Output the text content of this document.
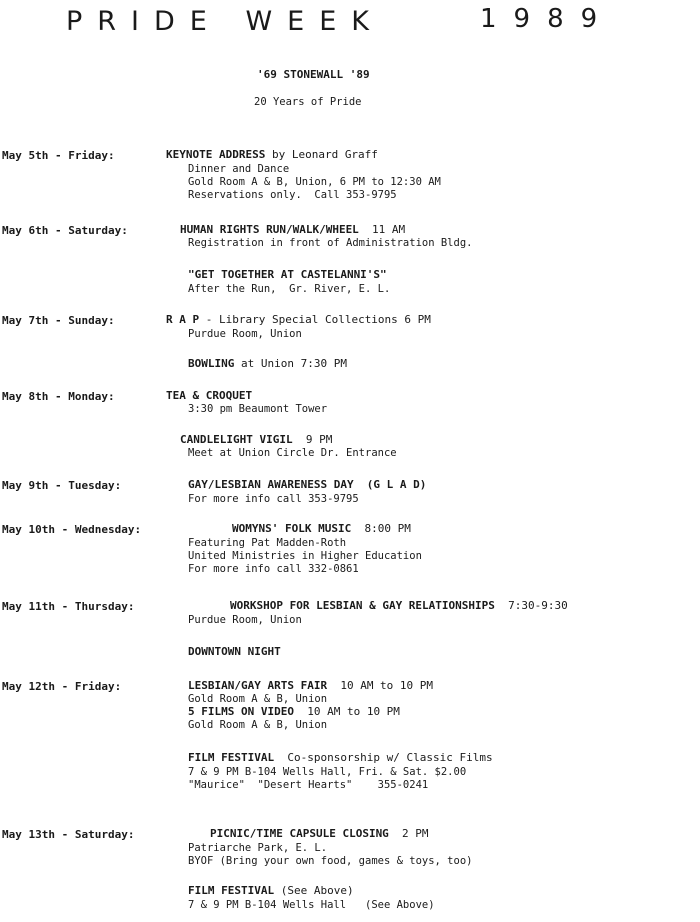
PRIDE WEEK	1989
'69 STONEWALL '89
20 Years of Pride
May 5th - Friday:	KEYNOTE ADDRESS by Leonard Graff
Dinner and Dance
Gold Room A & B, Union, 6 PM to 12:30 AM
Reservations only.  Call 353-9795
May 6th - Saturday:	HUMAN RIGHTS RUN/WALK/WHEEL  11 AM
Registration in front of Administration Bldg.
"GET TOGETHER AT CASTELANNI'S"
After the Run,  Gr. River, E. L.
May 7th - Sunday:	R A P - Library Special Collections 6 PM
Purdue Room, Union
BOWLING at Union 7:30 PM
May 8th - Monday:	TEA & CROQUET
3:30 pm Beaumont Tower
CANDLELIGHT VIGIL  9 PM
Meet at Union Circle Dr. Entrance
May 9th - Tuesday:	GAY/LESBIAN AWARENESS DAY  (G L A D)
For more info call 353-9795
May 10th - Wednesday:	WOMYNS' FOLK MUSIC  8:00 PM
Featuring Pat Madden-Roth
United Ministries in Higher Education
For more info call 332-0861
May 11th - Thursday:	WORKSHOP FOR LESBIAN & GAY RELATIONSHIPS  7:30-9:30
Purdue Room, Union
DOWNTOWN NIGHT
May 12th - Friday:	LESBIAN/GAY ARTS FAIR  10 AM to 10 PM
Gold Room A & B, Union
5 FILMS ON VIDEO  10 AM to 10 PM
Gold Room A & B, Union
FILM FESTIVAL  Co-sponsorship w/ Classic Films
7 & 9 PM B-104 Wells Hall, Fri. & Sat. $2.00
"Maurice"  "Desert Hearts"    355-0241
May 13th - Saturday:	PICNIC/TIME CAPSULE CLOSING  2 PM
Patriarche Park, E. L.
BYOF (Bring your own food, games & toys, too)
FILM FESTIVAL (See Above)
7 & 9 PM B-104 Wells Hall   (See Above)
